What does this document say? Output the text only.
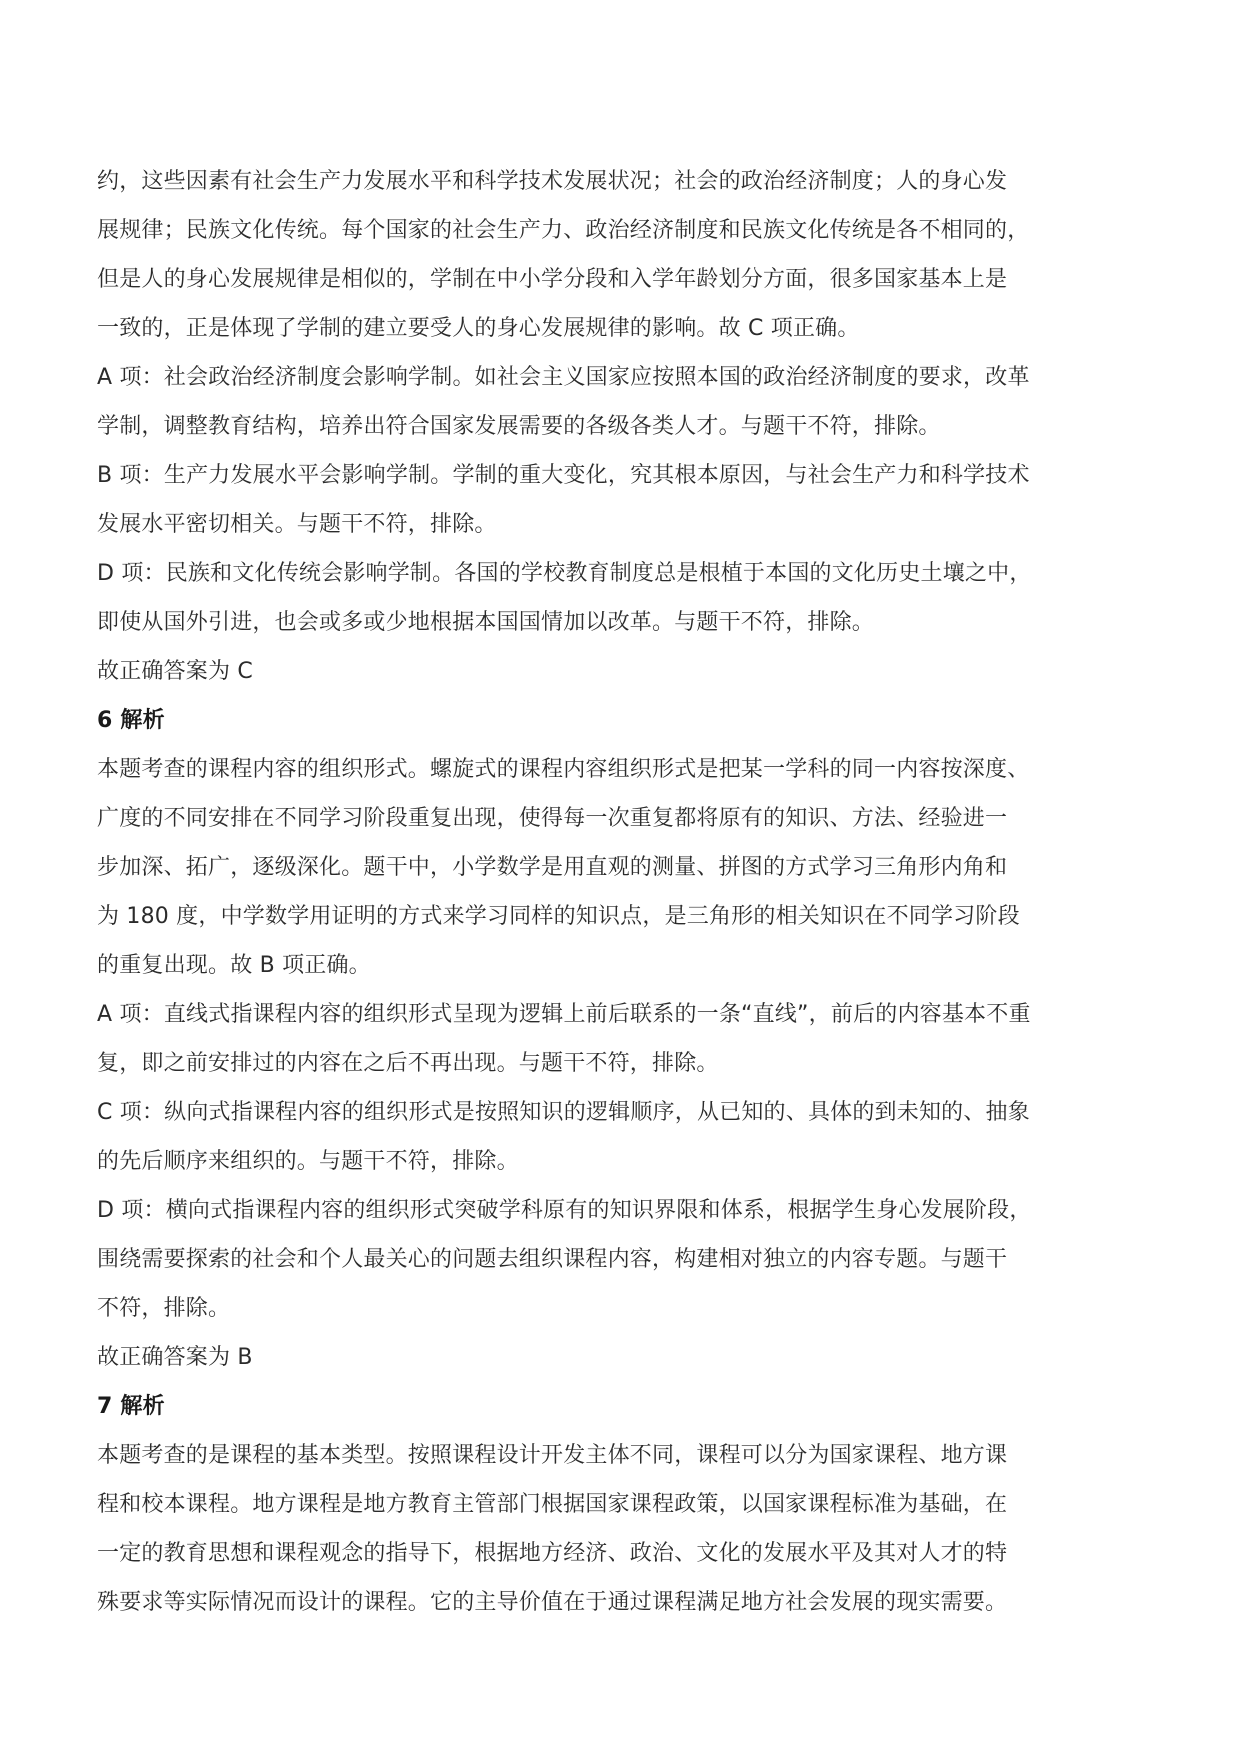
约，这些因素有社会生产力发展水平和科学技术发展状况；社会的政治经济制度；人的身心发
展规律；民族文化传统。每个国家的社会生产力、政治经济制度和民族文化传统是各不相同的，
但是人的身心发展规律是相似的，学制在中小学分段和入学年龄划分方面，很多国家基本上是
一致的，正是体现了学制的建立要受人的身心发展规律的影响。故 C 项正确。
A 项：社会政治经济制度会影响学制。如社会主义国家应按照本国的政治经济制度的要求，改革
学制，调整教育结构，培养出符合国家发展需要的各级各类人才。与题干不符，排除。
B 项：生产力发展水平会影响学制。学制的重大变化，究其根本原因，与社会生产力和科学技术
发展水平密切相关。与题干不符，排除。
D 项：民族和文化传统会影响学制。各国的学校教育制度总是根植于本国的文化历史土壤之中，
即使从国外引进，也会或多或少地根据本国国情加以改革。与题干不符，排除。
故正确答案为 C
6 解析
本题考查的课程内容的组织形式。螺旋式的课程内容组织形式是把某一学科的同一内容按深度、
广度的不同安排在不同学习阶段重复出现，使得每一次重复都将原有的知识、方法、经验进一
步加深、拓广，逐级深化。题干中，小学数学是用直观的测量、拼图的方式学习三角形内角和
为 180 度，中学数学用证明的方式来学习同样的知识点，是三角形的相关知识在不同学习阶段
的重复出现。故 B 项正确。
A 项：直线式指课程内容的组织形式呈现为逻辑上前后联系的一条“直线”，前后的内容基本不重
复，即之前安排过的内容在之后不再出现。与题干不符，排除。
C 项：纵向式指课程内容的组织形式是按照知识的逻辑顺序，从已知的、具体的到未知的、抽象
的先后顺序来组织的。与题干不符，排除。
D 项：横向式指课程内容的组织形式突破学科原有的知识界限和体系，根据学生身心发展阶段，
围绕需要探索的社会和个人最关心的问题去组织课程内容，构建相对独立的内容专题。与题干
不符，排除。
故正确答案为 B
7 解析
本题考查的是课程的基本类型。按照课程设计开发主体不同，课程可以分为国家课程、地方课
程和校本课程。地方课程是地方教育主管部门根据国家课程政策，以国家课程标准为基础，在
一定的教育思想和课程观念的指导下，根据地方经济、政治、文化的发展水平及其对人才的特
殊要求等实际情况而设计的课程。它的主导价值在于通过课程满足地方社会发展的现实需要。
